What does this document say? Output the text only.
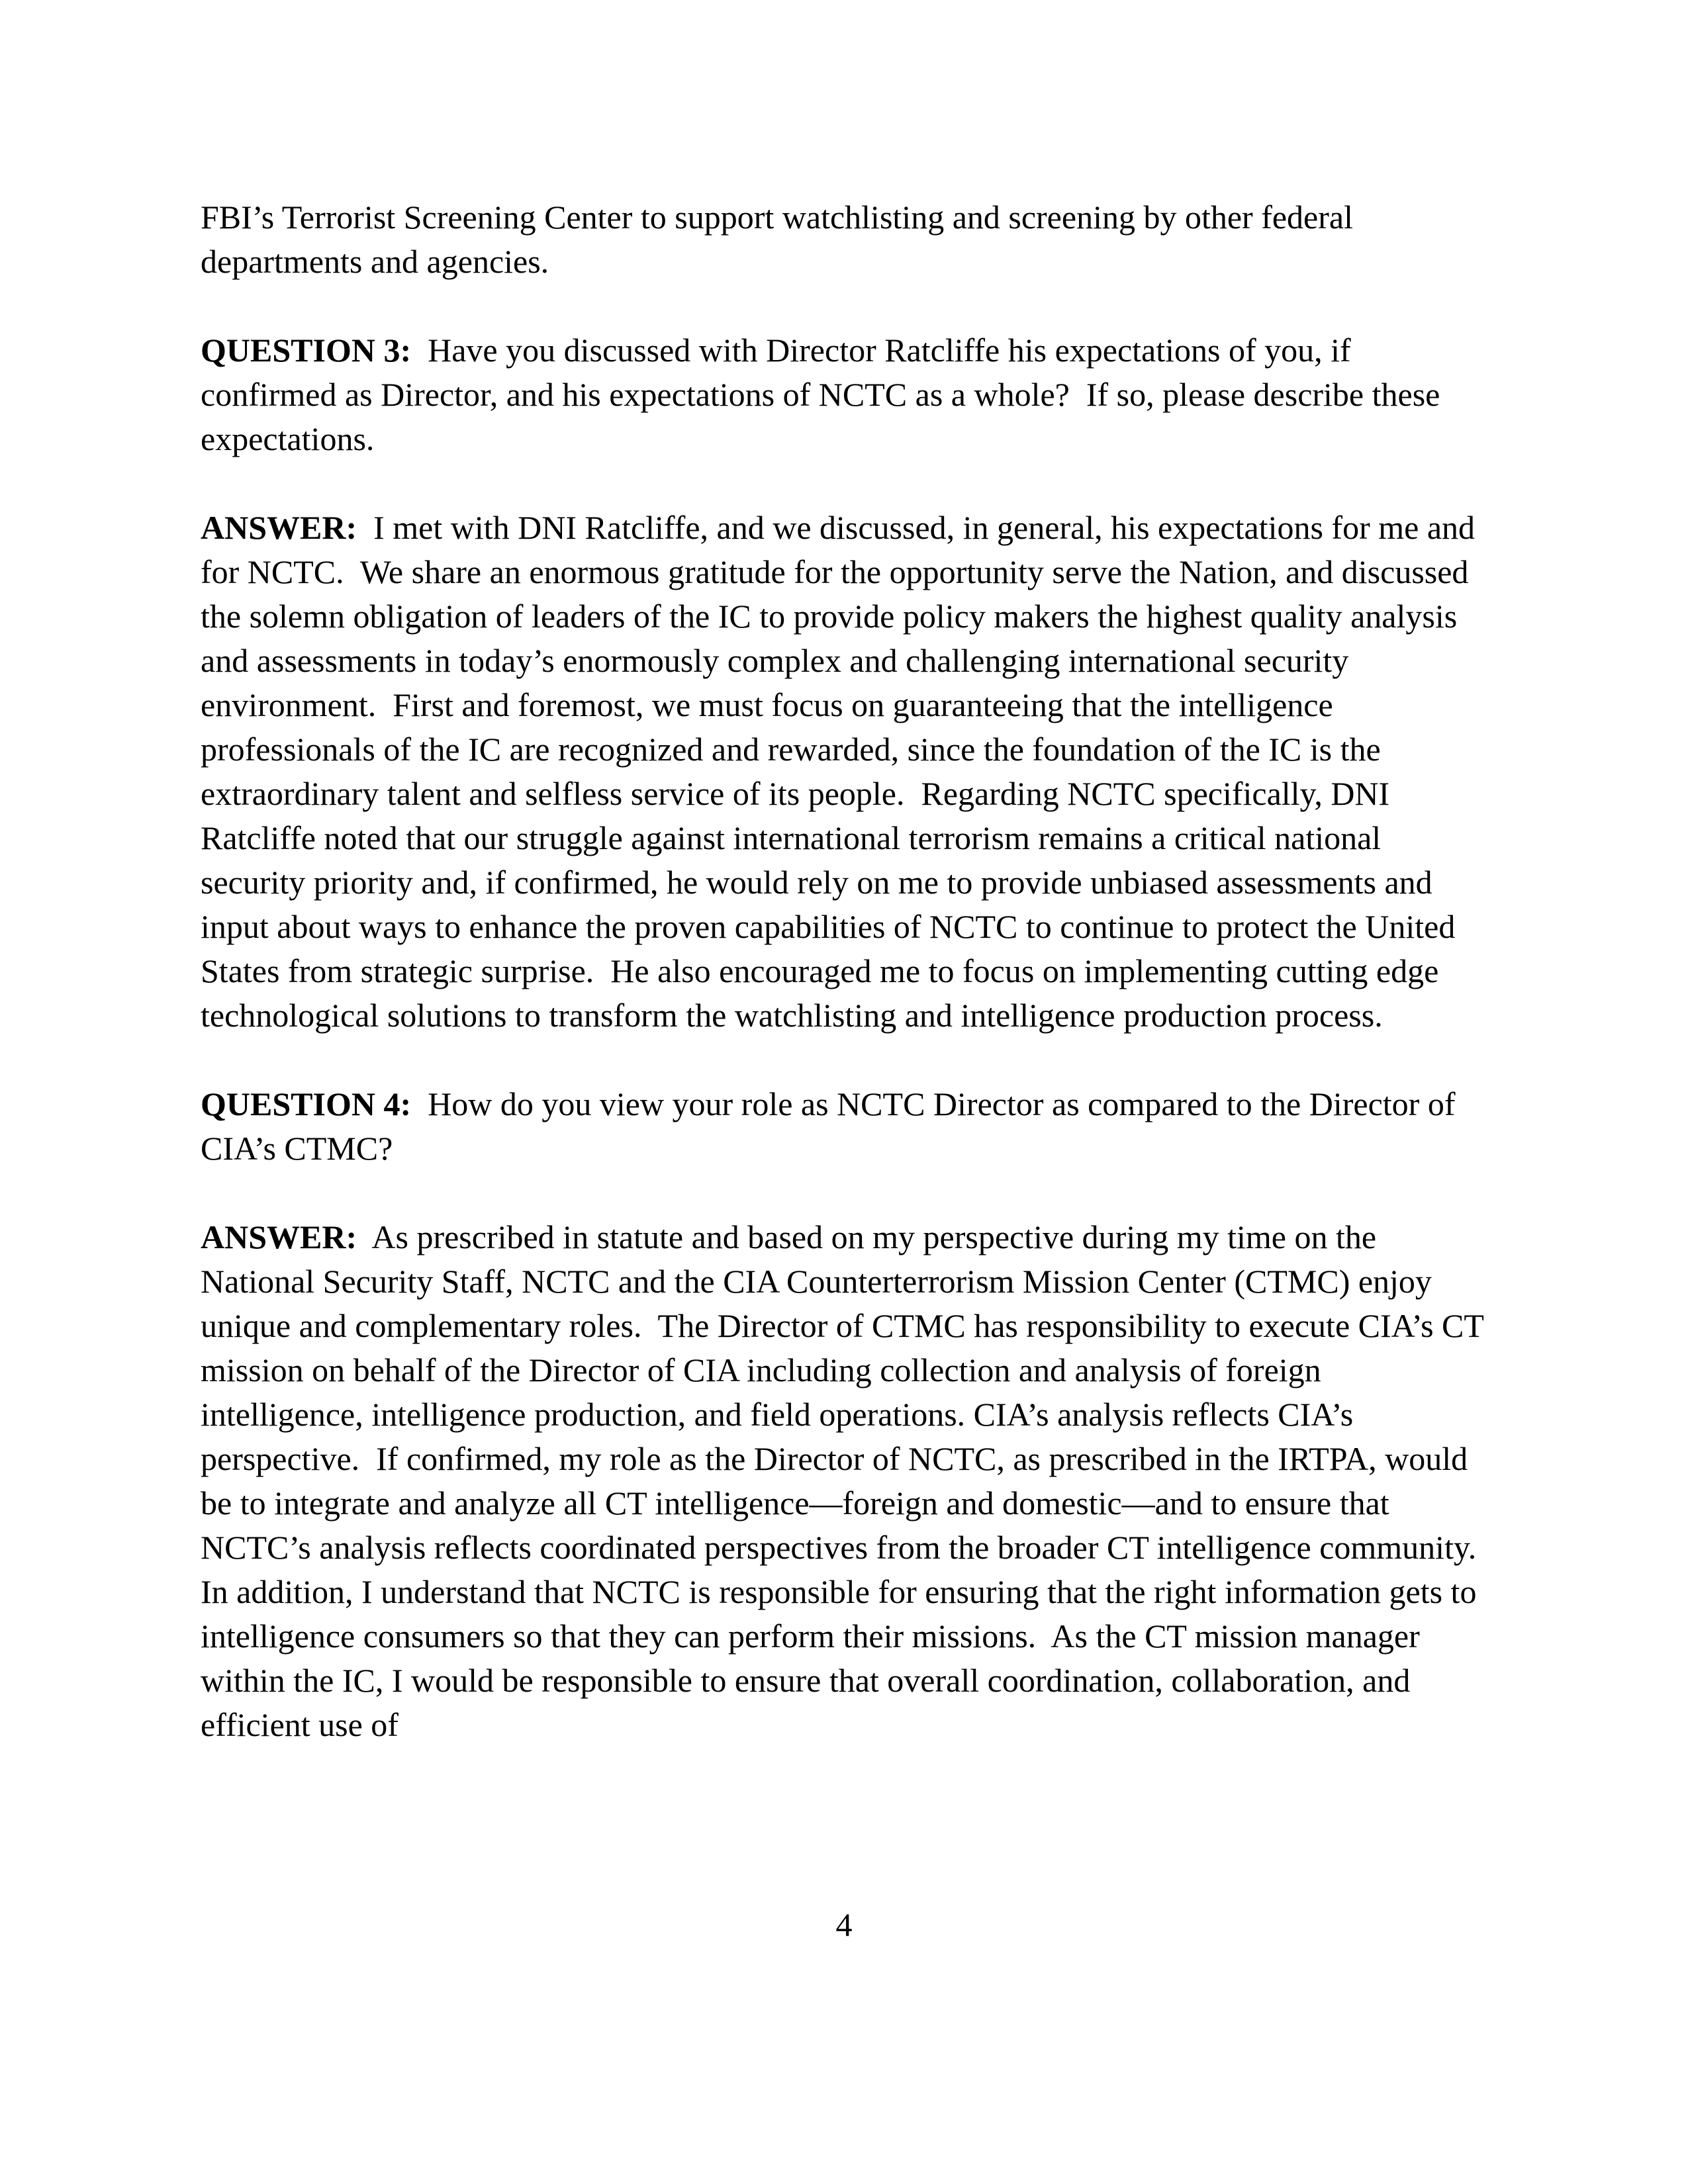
FBI’s Terrorist Screening Center to support watchlisting and screening by other federal departments and agencies.

QUESTION 3:  Have you discussed with Director Ratcliffe his expectations of you, if confirmed as Director, and his expectations of NCTC as a whole?  If so, please describe these expectations.

ANSWER:  I met with DNI Ratcliffe, and we discussed, in general, his expectations for me and for NCTC.  We share an enormous gratitude for the opportunity serve the Nation, and discussed the solemn obligation of leaders of the IC to provide policy makers the highest quality analysis and assessments in today’s enormously complex and challenging international security environment.  First and foremost, we must focus on guaranteeing that the intelligence professionals of the IC are recognized and rewarded, since the foundation of the IC is the extraordinary talent and selfless service of its people.  Regarding NCTC specifically, DNI Ratcliffe noted that our struggle against international terrorism remains a critical national security priority and, if confirmed, he would rely on me to provide unbiased assessments and input about ways to enhance the proven capabilities of NCTC to continue to protect the United States from strategic surprise.  He also encouraged me to focus on implementing cutting edge technological solutions to transform the watchlisting and intelligence production process.

QUESTION 4:  How do you view your role as NCTC Director as compared to the Director of CIA’s CTMC?

ANSWER:  As prescribed in statute and based on my perspective during my time on the National Security Staff, NCTC and the CIA Counterterrorism Mission Center (CTMC) enjoy unique and complementary roles.  The Director of CTMC has responsibility to execute CIA’s CT mission on behalf of the Director of CIA including collection and analysis of foreign intelligence, intelligence production, and field operations. CIA’s analysis reflects CIA’s perspective.  If confirmed, my role as the Director of NCTC, as prescribed in the IRTPA, would be to integrate and analyze all CT intelligence—foreign and domestic—and to ensure that NCTC’s analysis reflects coordinated perspectives from the broader CT intelligence community.  In addition, I understand that NCTC is responsible for ensuring that the right information gets to intelligence consumers so that they can perform their missions.  As the CT mission manager within the IC, I would be responsible to ensure that overall coordination, collaboration, and efficient use of

4
